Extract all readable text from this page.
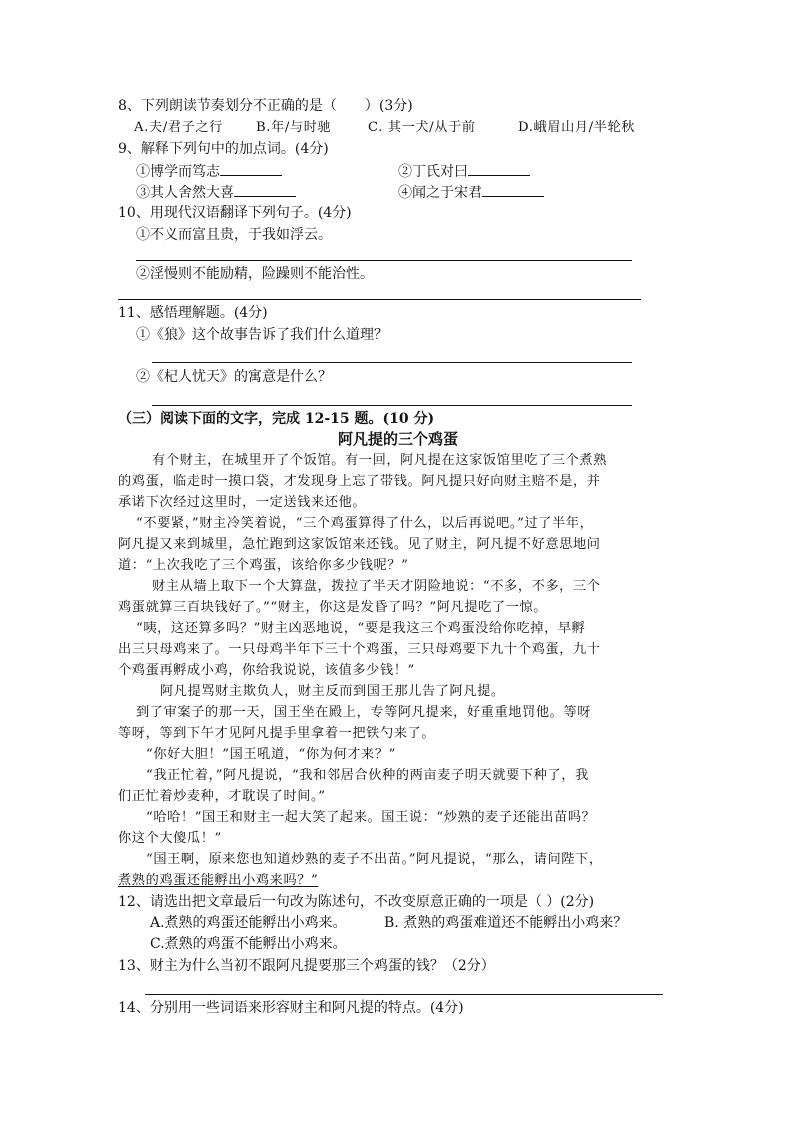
8、下列朗读节奏划分不正确的是（　　）(3分)
A.夫/君子之行	B.年/与时驰	C. 其一犬/从于前	D.峨眉山月/半轮秋
9、解释下列句中的加点词。(4分)
①博学而笃志	②丁氏对曰
③其人舍然大喜	④闻之于宋君
10、用现代汉语翻译下列句子。(4分)
①不义而富且贵，于我如浮云。
②淫慢则不能励精，险躁则不能治性。
11、感悟理解题。(4分)
①《狼》这个故事告诉了我们什么道理？
②《杞人忧天》的寓意是什么？
（三）阅读下面的文字，完成 12-15 题。(10 分)
阿凡提的三个鸡蛋
有个财主，在城里开了个饭馆。有一回，阿凡提在这家饭馆里吃了三个煮熟
的鸡蛋，临走时一摸口袋，才发现身上忘了带钱。阿凡提只好向财主赔不是，并
承诺下次经过这里时，一定送钱来还他。
“不要紧，”财主冷笑着说，“三个鸡蛋算得了什么，以后再说吧。”过了半年，
阿凡提又来到城里，急忙跑到这家饭馆来还钱。见了财主，阿凡提不好意思地问
道：“上次我吃了三个鸡蛋，该给你多少钱呢？”
财主从墙上取下一个大算盘，拨拉了半天才阴险地说：“不多，不多，三个
鸡蛋就算三百块钱好了。”“财主，你这是发昏了吗？”阿凡提吃了一惊。
“咦，这还算多吗？”财主凶恶地说，“要是我这三个鸡蛋没给你吃掉，早孵
出三只母鸡来了。一只母鸡半年下三十个鸡蛋，三只母鸡要下九十个鸡蛋，九十
个鸡蛋再孵成小鸡，你给我说说，该值多少钱！”
阿凡提骂财主欺负人，财主反而到国王那儿告了阿凡提。
到了审案子的那一天，国王坐在殿上，专等阿凡提来，好重重地罚他。等呀
等呀，等到下午才见阿凡提手里拿着一把铁勺来了。
“你好大胆！”国王吼道，“你为何才来？”
“我正忙着，”阿凡提说，“我和邻居合伙种的两亩麦子明天就要下种了，我
们正忙着炒麦种，才耽误了时间。”
“哈哈！”国王和财主一起大笑了起来。国王说：“炒熟的麦子还能出苗吗？
你这个大傻瓜！”
“国王啊，原来您也知道炒熟的麦子不出苗。”阿凡提说，“那么，请问陛下，
煮熟的鸡蛋还能孵出小鸡来吗？”
12、请选出把文章最后一句改为陈述句，不改变原意正确的一项是（ ）(2分)
A.煮熟的鸡蛋还能孵出小鸡来。	B. 煮熟的鸡蛋难道还不能孵出小鸡来？
C.煮熟的鸡蛋不能孵出小鸡来。
13、财主为什么当初不跟阿凡提要那三个鸡蛋的钱？（2分）
14、分别用一些词语来形容财主和阿凡提的特点。(4分)
